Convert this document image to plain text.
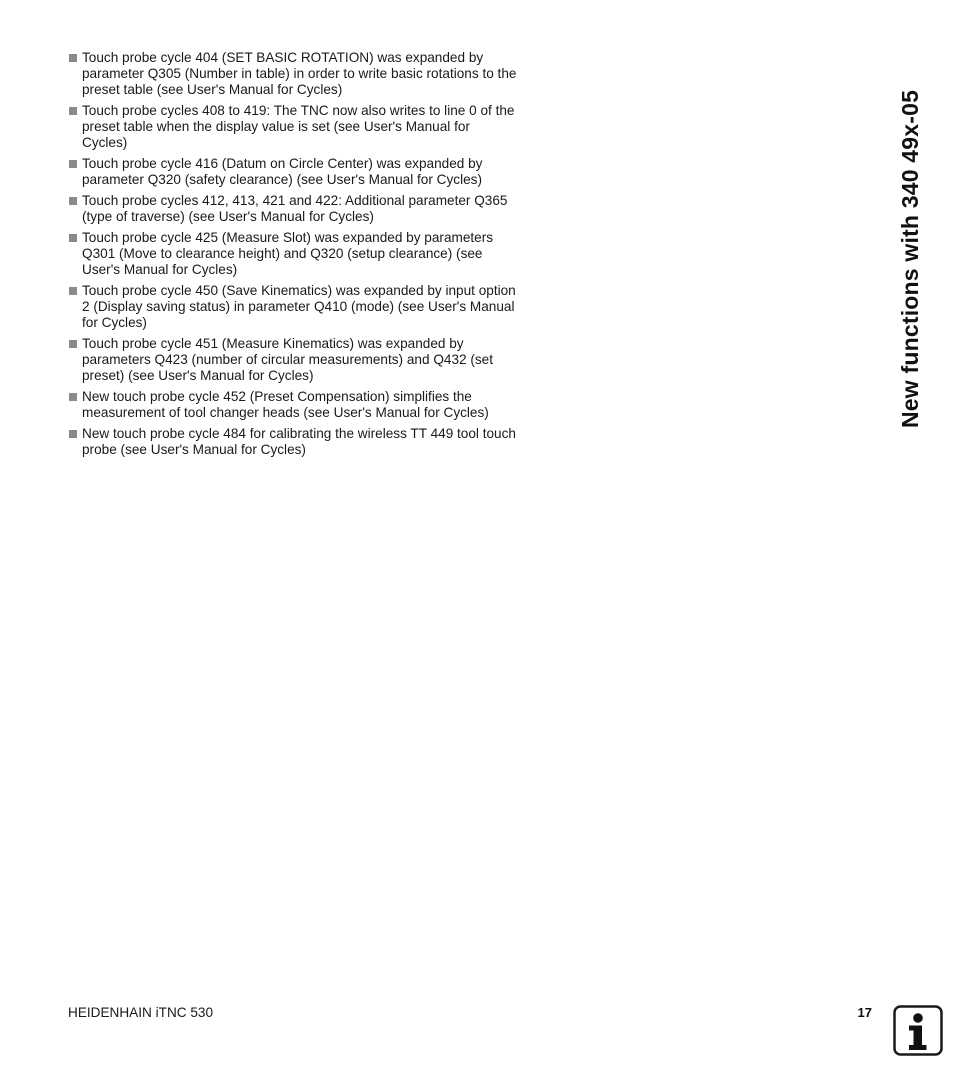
Touch probe cycle 404 (SET BASIC ROTATION) was expanded by parameter Q305 (Number in table) in order to write basic rotations to the preset table (see User's Manual for Cycles)
Touch probe cycles 408 to 419: The TNC now also writes to line 0 of the preset table when the display value is set (see User's Manual for Cycles)
Touch probe cycle 416 (Datum on Circle Center) was expanded by parameter Q320 (safety clearance) (see User's Manual for Cycles)
Touch probe cycles 412, 413, 421 and 422: Additional parameter Q365 (type of traverse) (see User's Manual for Cycles)
Touch probe cycle 425 (Measure Slot) was expanded by parameters Q301 (Move to clearance height) and Q320 (setup clearance) (see User's Manual for Cycles)
Touch probe cycle 450 (Save Kinematics) was expanded by input option 2 (Display saving status) in parameter Q410 (mode) (see User's Manual for Cycles)
Touch probe cycle 451 (Measure Kinematics) was expanded by parameters Q423 (number of circular measurements) and Q432 (set preset) (see User's Manual for Cycles)
New touch probe cycle 452 (Preset Compensation) simplifies the measurement of tool changer heads (see User's Manual for Cycles)
New touch probe cycle 484 for calibrating the wireless TT 449 tool touch probe (see User's Manual for Cycles)
New functions with 340 49x-05
HEIDENHAIN iTNC 530	17
